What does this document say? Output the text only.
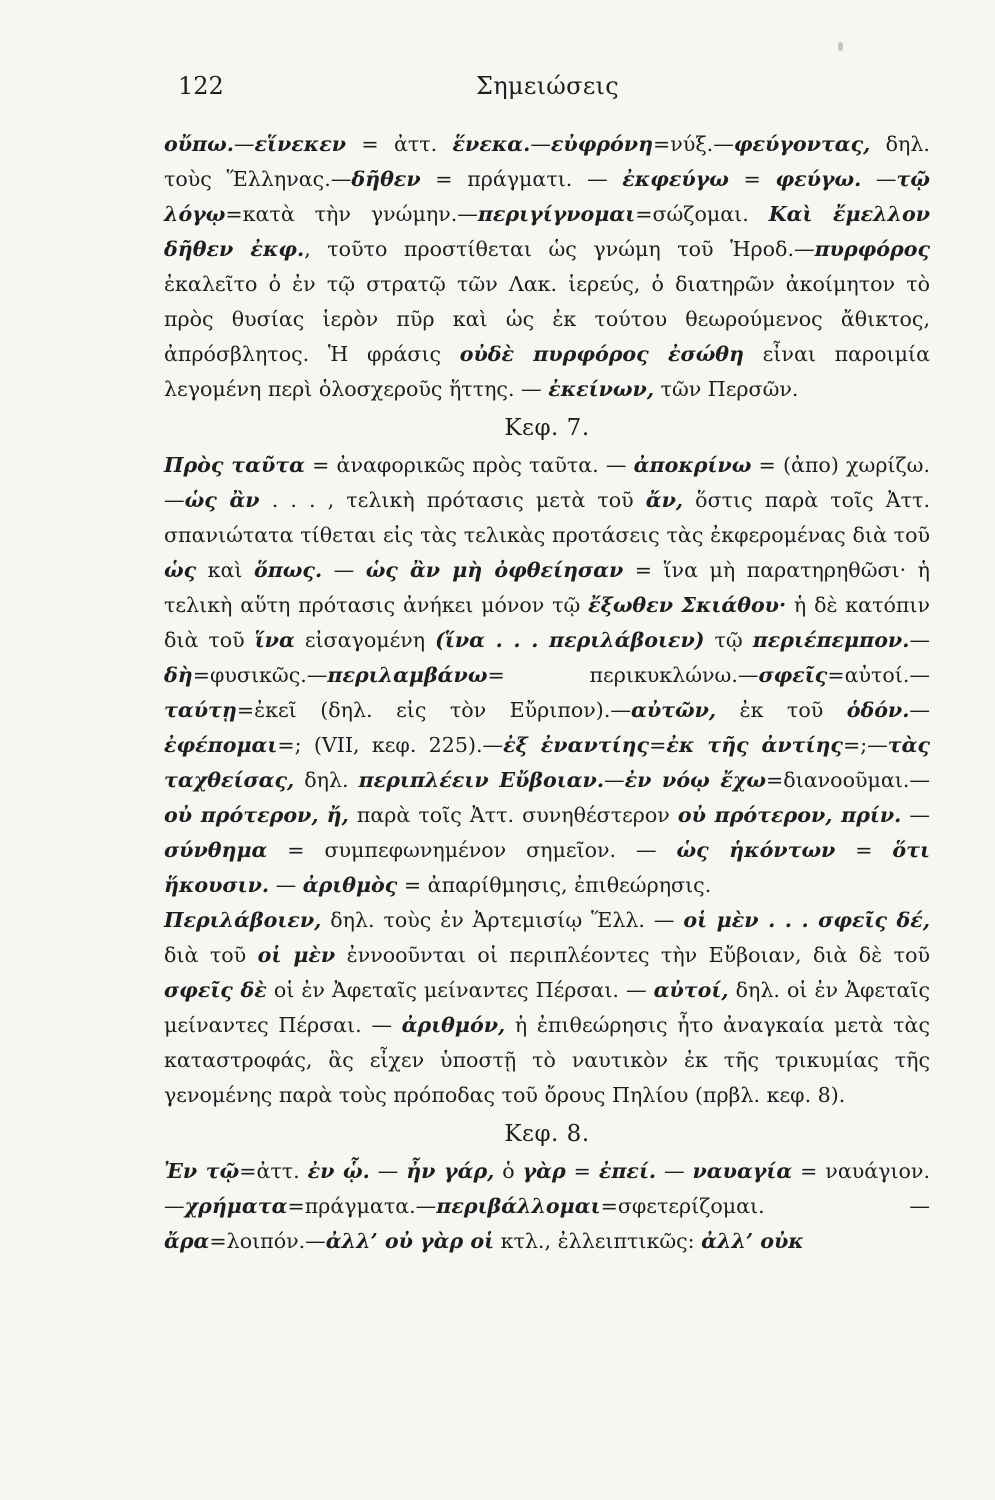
122	Σημειώσεις

οὔπω.—εἵνεκεν = ἀττ. ἕνεκα.—εὐφρόνη=νύξ.—φεύγοντας, δηλ. τοὺς Ἕλληνας.—δῆθεν = πράγματι. — ἐκφεύγω = φεύγω. —τῷ λόγῳ=κατὰ τὴν γνώμην.—περιγίγνομαι=σώζομαι. Καὶ ἔμελλον δῆθεν ἐκφ., τοῦτο προστίθεται ὡς γνώμη τοῦ Ἡροδ.—πυρφόρος ἐκαλεῖτο ὁ ἐν τῷ στρατῷ τῶν Λακ. ἱερεύς, ὁ διατηρῶν ἀκοίμητον τὸ πρὸς θυσίας ἱερὸν πῦρ καὶ ὡς ἐκ τούτου θεωρούμενος ἄθικτος, ἀπρόσβλητος. Ἡ φράσις οὐδὲ πυρφόρος ἐσώθη εἶναι παροιμία λεγομένη περὶ ὁλοσχεροῦς ἥττης. — ἐκείνων, τῶν Περσῶν.

Κεφ. 7.

Πρὸς ταῦτα = ἀναφορικῶς πρὸς ταῦτα. — ἀποκρίνω = (ἀπο) χωρίζω.—ὡς ἂν . . . , τελικὴ πρότασις μετὰ τοῦ ἄν, ὅστις παρὰ τοῖς Ἀττ. σπανιώτατα τίθεται εἰς τὰς τελικὰς προτάσεις τὰς ἐκφερομένας διὰ τοῦ ὡς καὶ ὅπως. — ὡς ἂν μὴ ὀφθείησαν = ἵνα μὴ παρατηρηθῶσι· ἡ τελικὴ αὕτη πρότασις ἀνήκει μόνον τῷ ἔξωθεν Σκιάθου· ἡ δὲ κατόπιν διὰ τοῦ ἵνα εἰσαγομένη (ἵνα . . . περιλάβοιεν) τῷ περιέπεμπον.—δὴ=φυσικῶς.—περιλαμβάνω= περικυκλώνω.—σφεῖς=αὐτοί.—ταύτῃ=ἐκεῖ (δηλ. εἰς τὸν Εὔριπον).—αὐτῶν, ἐκ τοῦ ὁδόν.—ἐφέπομαι=; (VII, κεφ. 225).—ἐξ ἐναντίης=ἐκ τῆς ἀντίης=;—τὰς ταχθείσας, δηλ. περιπλέειν Εὔβοιαν.—ἐν νόῳ ἔχω=διανοοῦμαι.—οὐ πρότερον, ἤ, παρὰ τοῖς Ἀττ. συνηθέστερον οὐ πρότερον, πρίν. — σύνθημα = συμπεφωνημένον σημεῖον. — ὡς ἡκόντων = ὅτι ἥκουσιν. — ἀριθμὸς = ἀπαρίθμησις, ἐπιθεώρησις.

Περιλάβοιεν, δηλ. τοὺς ἐν Ἀρτεμισίῳ Ἕλλ. — οἱ μὲν . . . σφεῖς δέ, διὰ τοῦ οἱ μὲν ἐννοοῦνται οἱ περιπλέοντες τὴν Εὔβοιαν, διὰ δὲ τοῦ σφεῖς δὲ οἱ ἐν Ἀφεταῖς μείναντες Πέρσαι. — αὐτοί, δηλ. οἱ ἐν Ἀφεταῖς μείναντες Πέρσαι. — ἀριθμόν, ἡ ἐπιθεώρησις ἦτο ἀναγκαία μετὰ τὰς καταστροφάς, ἃς εἶχεν ὑποστῇ τὸ ναυτικὸν ἐκ τῆς τρικυμίας τῆς γενομένης παρὰ τοὺς πρόποδας τοῦ ὄρους Πηλίου (πρβλ. κεφ. 8).

Κεφ. 8.

Ἐν τῷ=ἀττ. ἐν ᾧ. — ἦν γάρ, ὁ γὰρ = ἐπεί. — ναυαγία = ναυάγιον.—χρήματα=πράγματα.—περιβάλλομαι=σφετερίζομαι. —ἄρα=λοιπόν.—ἀλλ’ οὐ γὰρ οἱ κτλ., ἐλλειπτικῶς: ἀλλ’ οὐκ
